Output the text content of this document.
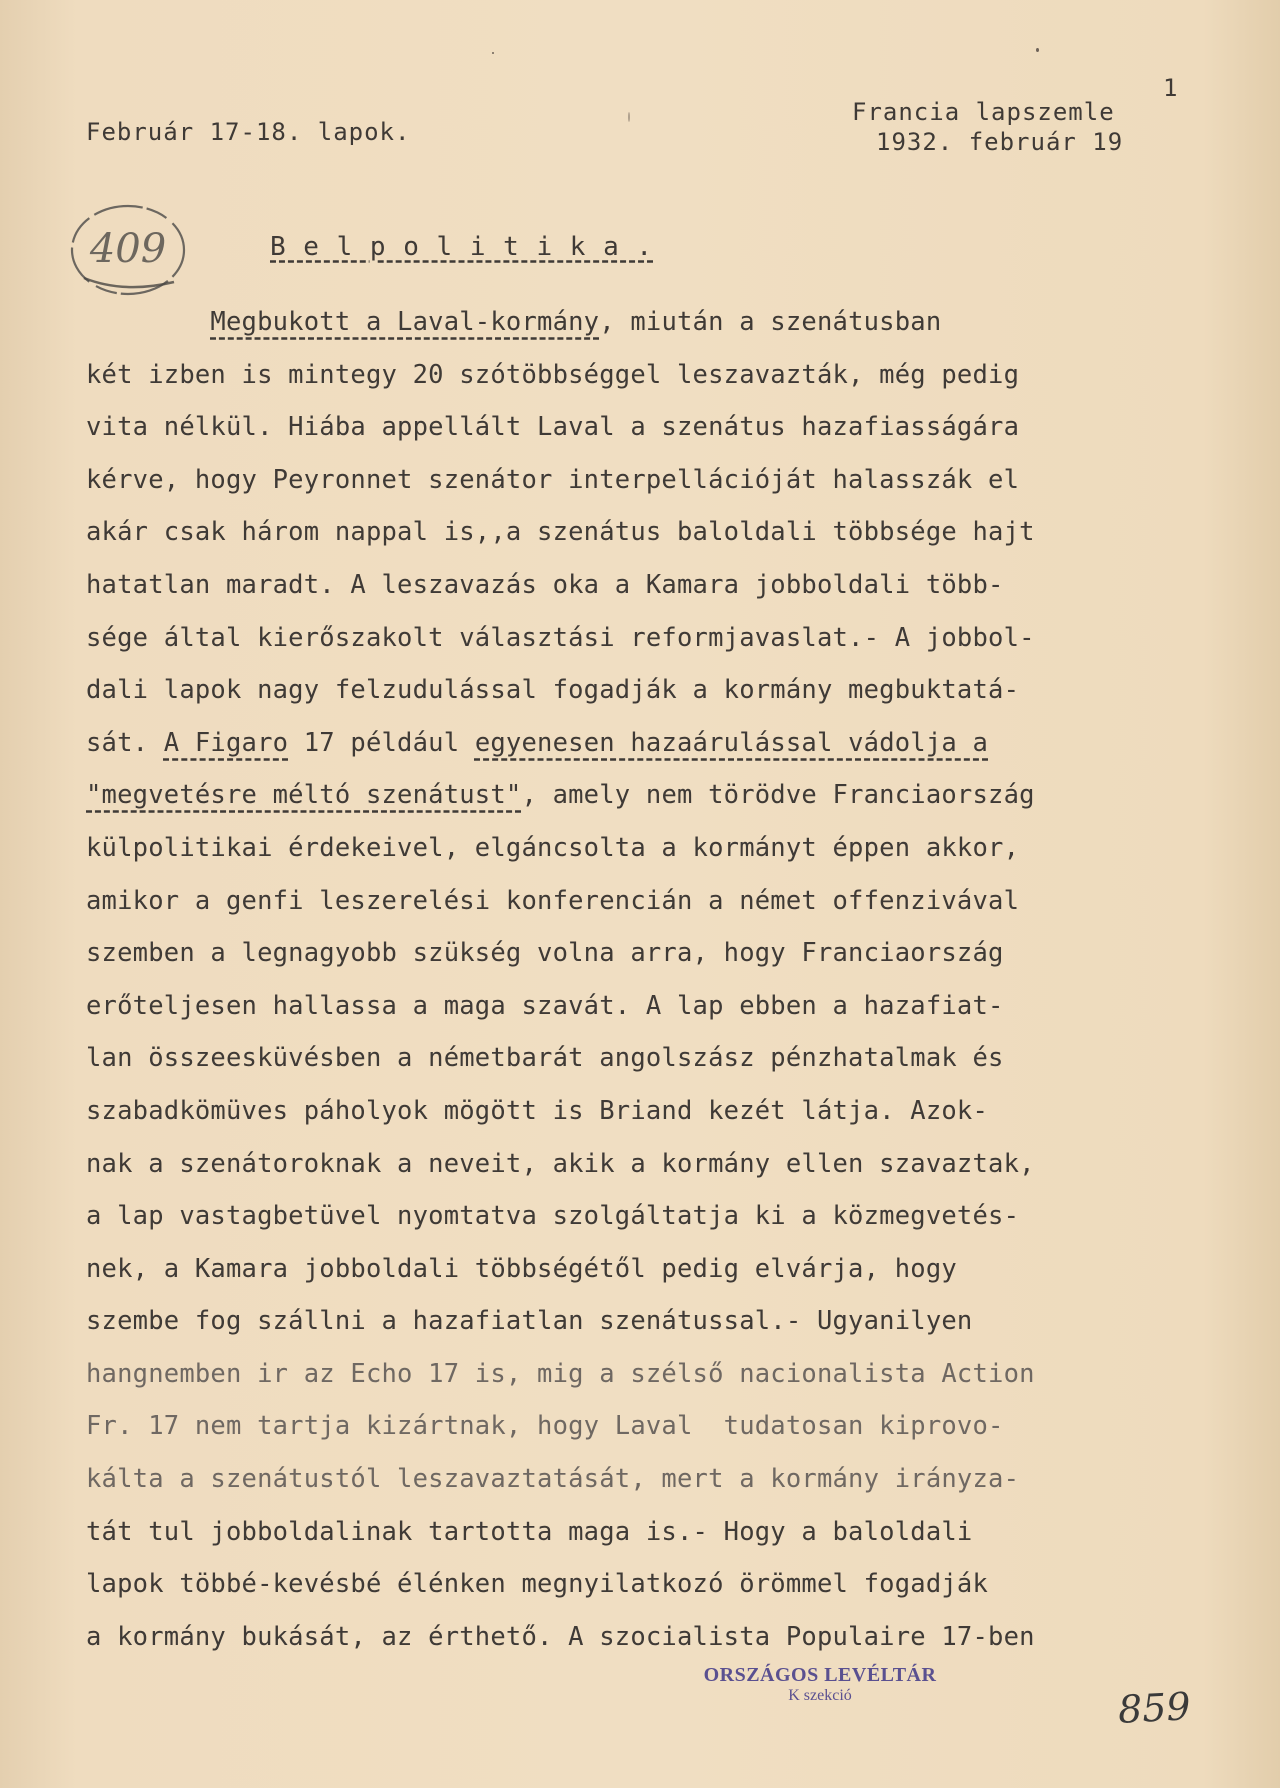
Február 17-18. lapok.
1
Francia lapszemle
1932. február 19
409	B e l p o l i t i k a .
Megbukott a Laval-kormány, miután a szenátusban
két izben is mintegy 20 szótöbbséggel leszavazták, még pedig
vita nélkül. Hiába appellált Laval a szenátus hazafiasságára
kérve, hogy Peyronnet szenátor interpellációját halasszák el
akár csak három nappal is,,a szenátus baloldali többsége hajt
hatatlan maradt. A leszavazás oka a Kamara jobboldali több-
sége által kierőszakolt választási reformjavaslat.- A jobbol-
dali lapok nagy felzudulással fogadják a kormány megbuktatá-
sát. A Figaro 17 például egyenesen hazaárulással vádolja a
"megvetésre méltó szenátust", amely nem törödve Franciaország
külpolitikai érdekeivel, elgáncsolta a kormányt éppen akkor,
amikor a genfi leszerelési konferencián a német offenzivával
szemben a legnagyobb szükség volna arra, hogy Franciaország
erőteljesen hallassa a maga szavát. A lap ebben a hazafiat-
lan összeesküvésben a németbarát angolszász pénzhatalmak és
szabadkömüves páholyok mögött is Briand kezét látja. Azok-
nak a szenátoroknak a neveit, akik a kormány ellen szavaztak,
a lap vastagbetüvel nyomtatva szolgáltatja ki a közmegvetés-
nek, a Kamara jobboldali többségétől pedig elvárja, hogy
szembe fog szállni a hazafiatlan szenátussal.- Ugyanilyen
hangnemben ir az Echo 17 is, mig a szélső nacionalista Action
Fr. 17 nem tartja kizártnak, hogy Laval  tudatosan kiprovo-
kálta a szenátustól leszavaztatását, mert a kormány irányza-
tát tul jobboldalinak tartotta maga is.- Hogy a baloldali
lapok többé-kevésbé élénken megnyilatkozó örömmel fogadják
a kormány bukását, az érthető. A szocialista Populaire 17-ben
ORSZÁGOS LEVÉLTÁR
K szekció	859
